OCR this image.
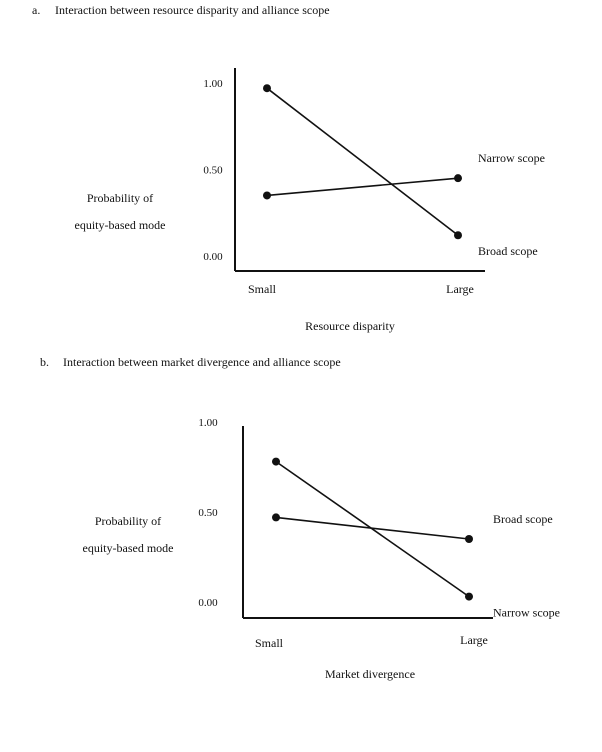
a. Interaction between resource disparity and alliance scope
0.00
0.50
1.00
Small	Large
Resource disparity
Probability of
equity-based mode
Narrow scope
Broad scope
b. Interaction between market divergence and alliance scope
0.00
0.50
1.00
Small	Large
Market divergence
Probability of
equity-based mode
Broad scope
Narrow scope
